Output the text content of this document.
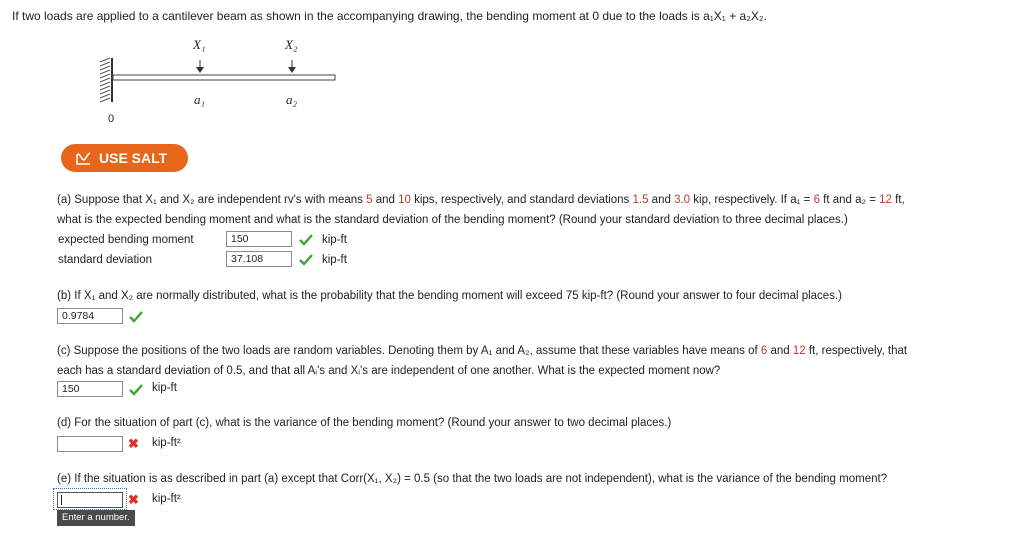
If two loads are applied to a cantilever beam as shown in the accompanying drawing, the bending moment at 0 due to the loads is a₁X₁ + a₂X₂.
X₁	X₂
a₁	a₂
0
USE SALT
(a) Suppose that X₁ and X₂ are independent rv's with means 5 and 10 kips, respectively, and standard deviations 1.5 and 3.0 kip, respectively. If a₁ = 6 ft and a₂ = 12 ft,
what is the expected bending moment and what is the standard deviation of the bending moment? (Round your standard deviation to three decimal places.)
expected bending moment
150	kip-ft
standard deviation
37.108	kip-ft
(b) If X₁ and X₂ are normally distributed, what is the probability that the bending moment will exceed 75 kip-ft? (Round your answer to four decimal places.)
0.9784
(c) Suppose the positions of the two loads are random variables. Denoting them by A₁ and A₂, assume that these variables have means of 6 and 12 ft, respectively, that
each has a standard deviation of 0.5, and that all Aᵢ's and Xᵢ's are independent of one another. What is the expected moment now?
150
kip-ft
(d) For the situation of part (c), what is the variance of the bending moment? (Round your answer to two decimal places.)
✖ kip-ft²
(e) If the situation is as described in part (a) except that Corr(X₁, X₂) = 0.5 (so that the two loads are not independent), what is the variance of the bending moment?
✖ kip-ft²
Enter a number.
